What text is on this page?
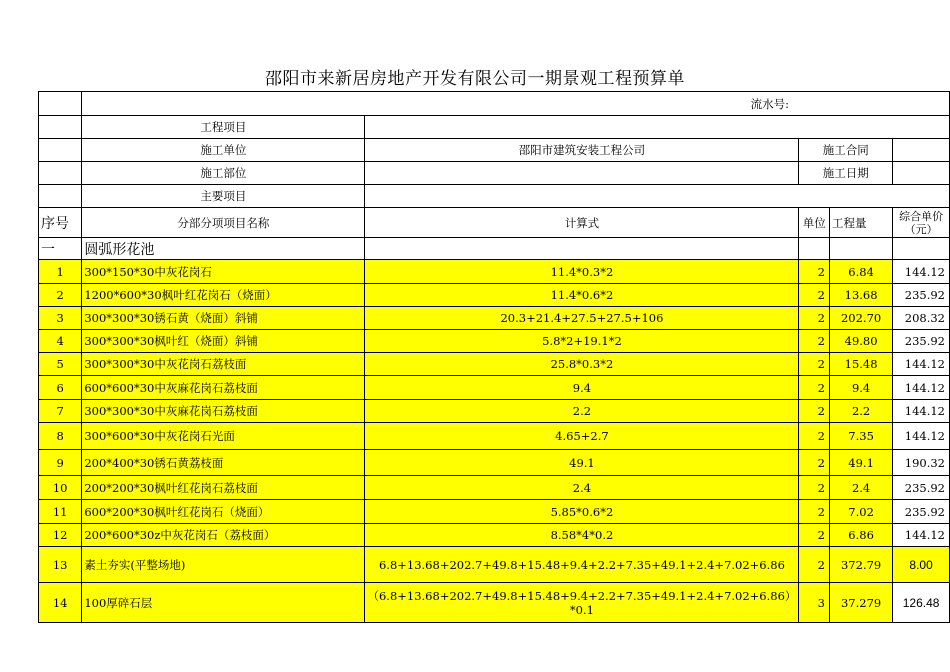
邵阳市来新居房地产开发有限公司一期景观工程预算单
	流水号:				
	工程项目				
	施工单位	邵阳市建筑安装工程公司	施工合同		
	施工部位		施工日期		
	主要项目				
序号	分部分项项目名称	计算式	单位	工程量	综合单价（元）
一	圆弧形花池				
1	300*150*30中灰花岗石	11.4*0.3*2	2	6.84	144.12
2	1200*600*30枫叶红花岗石（烧面）	11.4*0.6*2	2	13.68	235.92
3	300*300*30锈石黄（烧面）斜铺	20.3+21.4+27.5+27.5+106	2	202.70	208.32
4	300*300*30枫叶红（烧面）斜铺	5.8*2+19.1*2	2	49.80	235.92
5	300*300*30中灰花岗石荔枝面	25.8*0.3*2	2	15.48	144.12
6	600*600*30中灰麻花岗石荔枝面	9.4	2	9.4	144.12
7	300*300*30中灰麻花岗石荔枝面	2.2	2	2.2	144.12
8	300*600*30中灰花岗石光面	4.65+2.7	2	7.35	144.12
9	200*400*30锈石黄荔枝面	49.1	2	49.1	190.32
10	200*200*30枫叶红花岗石荔枝面	2.4	2	2.4	235.92
11	600*200*30枫叶红花岗石（烧面）	5.85*0.6*2	2	7.02	235.92
12	200*600*30z中灰花岗石（荔枝面）	8.58*4*0.2	2	6.86	144.12
13	素土夯实(平整场地)	6.8+13.68+202.7+49.8+15.48+9.4+2.2+7.35+49.1+2.4+7.02+6.86	2	372.79	8.00
14	100厚碎石层	（6.8+13.68+202.7+49.8+15.48+9.4+2.2+7.35+49.1+2.4+7.02+6.86）*0.1	3	37.279	126.48
